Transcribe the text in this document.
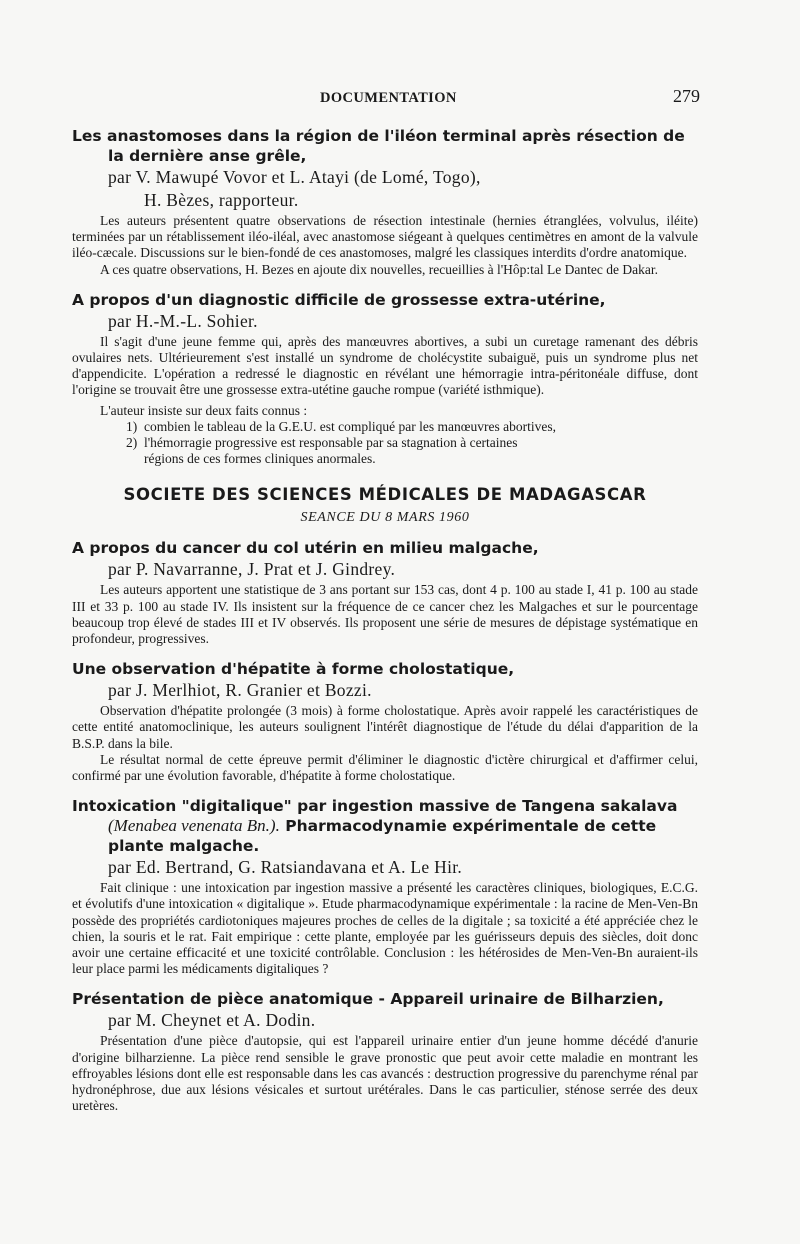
DOCUMENTATION	279
Les anastomoses dans la région de l'iléon terminal après résection de
la dernière anse grêle,
par V. Mawupé Vovor et L. Atayi (de Lomé, Togo),
H. Bèzes, rapporteur.

Les auteurs présentent quatre observations de résection intestinale (hernies étranglées, volvulus, iléite) terminées par un rétablissement iléo-iléal, avec anastomose siégeant à quelques centimètres en amont de la valvule iléo-cæcale. Discussions sur le bien-fondé de ces anastomoses, malgré les classiques interdits d'ordre anatomique.

A ces quatre observations, H. Bezes en ajoute dix nouvelles, recueillies à l'Hôp:tal Le Dantec de Dakar.

A propos d'un diagnostic difficile de grossesse extra-utérine,
par H.-M.-L. Sohier.

Il s'agit d'une jeune femme qui, après des manœuvres abortives, a subi un curetage ramenant des débris ovulaires nets. Ultérieurement s'est installé un syndrome de cholécystite subaiguë, puis un syndrome plus net d'appendicite. L'opération a redressé le diagnostic en révélant une hémorragie intra-péritonéale diffuse, dont l'origine se trouvait être une grossesse extra-utétine gauche rompue (variété isthmique).

L'auteur insiste sur deux faits connus :

1) combien le tableau de la G.E.U. est compliqué par les manœuvres abortives,
2) l'hémorragie progressive est responsable par sa stagnation à certaines
régions de ces formes cliniques anormales.
SOCIETE DES SCIENCES MÉDICALES DE MADAGASCAR

SEANCE DU 8 MARS 1960

A propos du cancer du col utérin en milieu malgache,
par P. Navarranne, J. Prat et J. Gindrey.

Les auteurs apportent une statistique de 3 ans portant sur 153 cas, dont 4 p. 100 au stade I, 41 p. 100 au stade III et 33 p. 100 au stade IV. Ils insistent sur la fréquence de ce cancer chez les Malgaches et sur le pourcentage beaucoup trop élevé de stades III et IV observés. Ils proposent une série de mesures de dépistage systématique en profondeur, progressives.

Une observation d'hépatite à forme cholostatique,
par J. Merlhiot, R. Granier et Bozzi.

Observation d'hépatite prolongée (3 mois) à forme cholostatique. Après avoir rappelé les caractéristiques de cette entité anatomoclinique, les auteurs soulignent l'intérêt diagnostique de l'étude du délai d'apparition de la B.S.P. dans la bile.

Le résultat normal de cette épreuve permit d'éliminer le diagnostic d'ictère chirurgical et d'affirmer celui, confirmé par une évolution favorable, d'hépatite à forme cholostatique.

Intoxication "digitalique" par ingestion massive de Tangena sakalava
(Menabea venenata Bn.). Pharmacodynamie expérimentale de cette
plante malgache.
par Ed. Bertrand, G. Ratsiandavana et A. Le Hir.

Fait clinique : une intoxication par ingestion massive a présenté les caractères cliniques, biologiques, E.C.G. et évolutifs d'une intoxication « digitalique ». Etude pharmacodynamique expérimentale : la racine de Men-Ven-Bn possède des propriétés cardiotoniques majeures proches de celles de la digitale ; sa toxicité a été appréciée chez le chien, la souris et le rat. Fait empirique : cette plante, employée par les guérisseurs depuis des siècles, doit donc avoir une certaine efficacité et une toxicité contrôlable. Conclusion : les hétérosides de Men-Ven-Bn auraient-ils leur place parmi les médicaments digitaliques ?

Présentation de pièce anatomique - Appareil urinaire de Bilharzien,
par M. Cheynet et A. Dodin.

Présentation d'une pièce d'autopsie, qui est l'appareil urinaire entier d'un jeune homme décédé d'anurie d'origine bilharzienne. La pièce rend sensible le grave pronostic que peut avoir cette maladie en montrant les effroyables lésions dont elle est responsable dans les cas avancés : destruction progressive du parenchyme rénal par hydronéphrose, due aux lésions vésicales et surtout urétérales. Dans le cas particulier, sténose serrée des deux uretères.
